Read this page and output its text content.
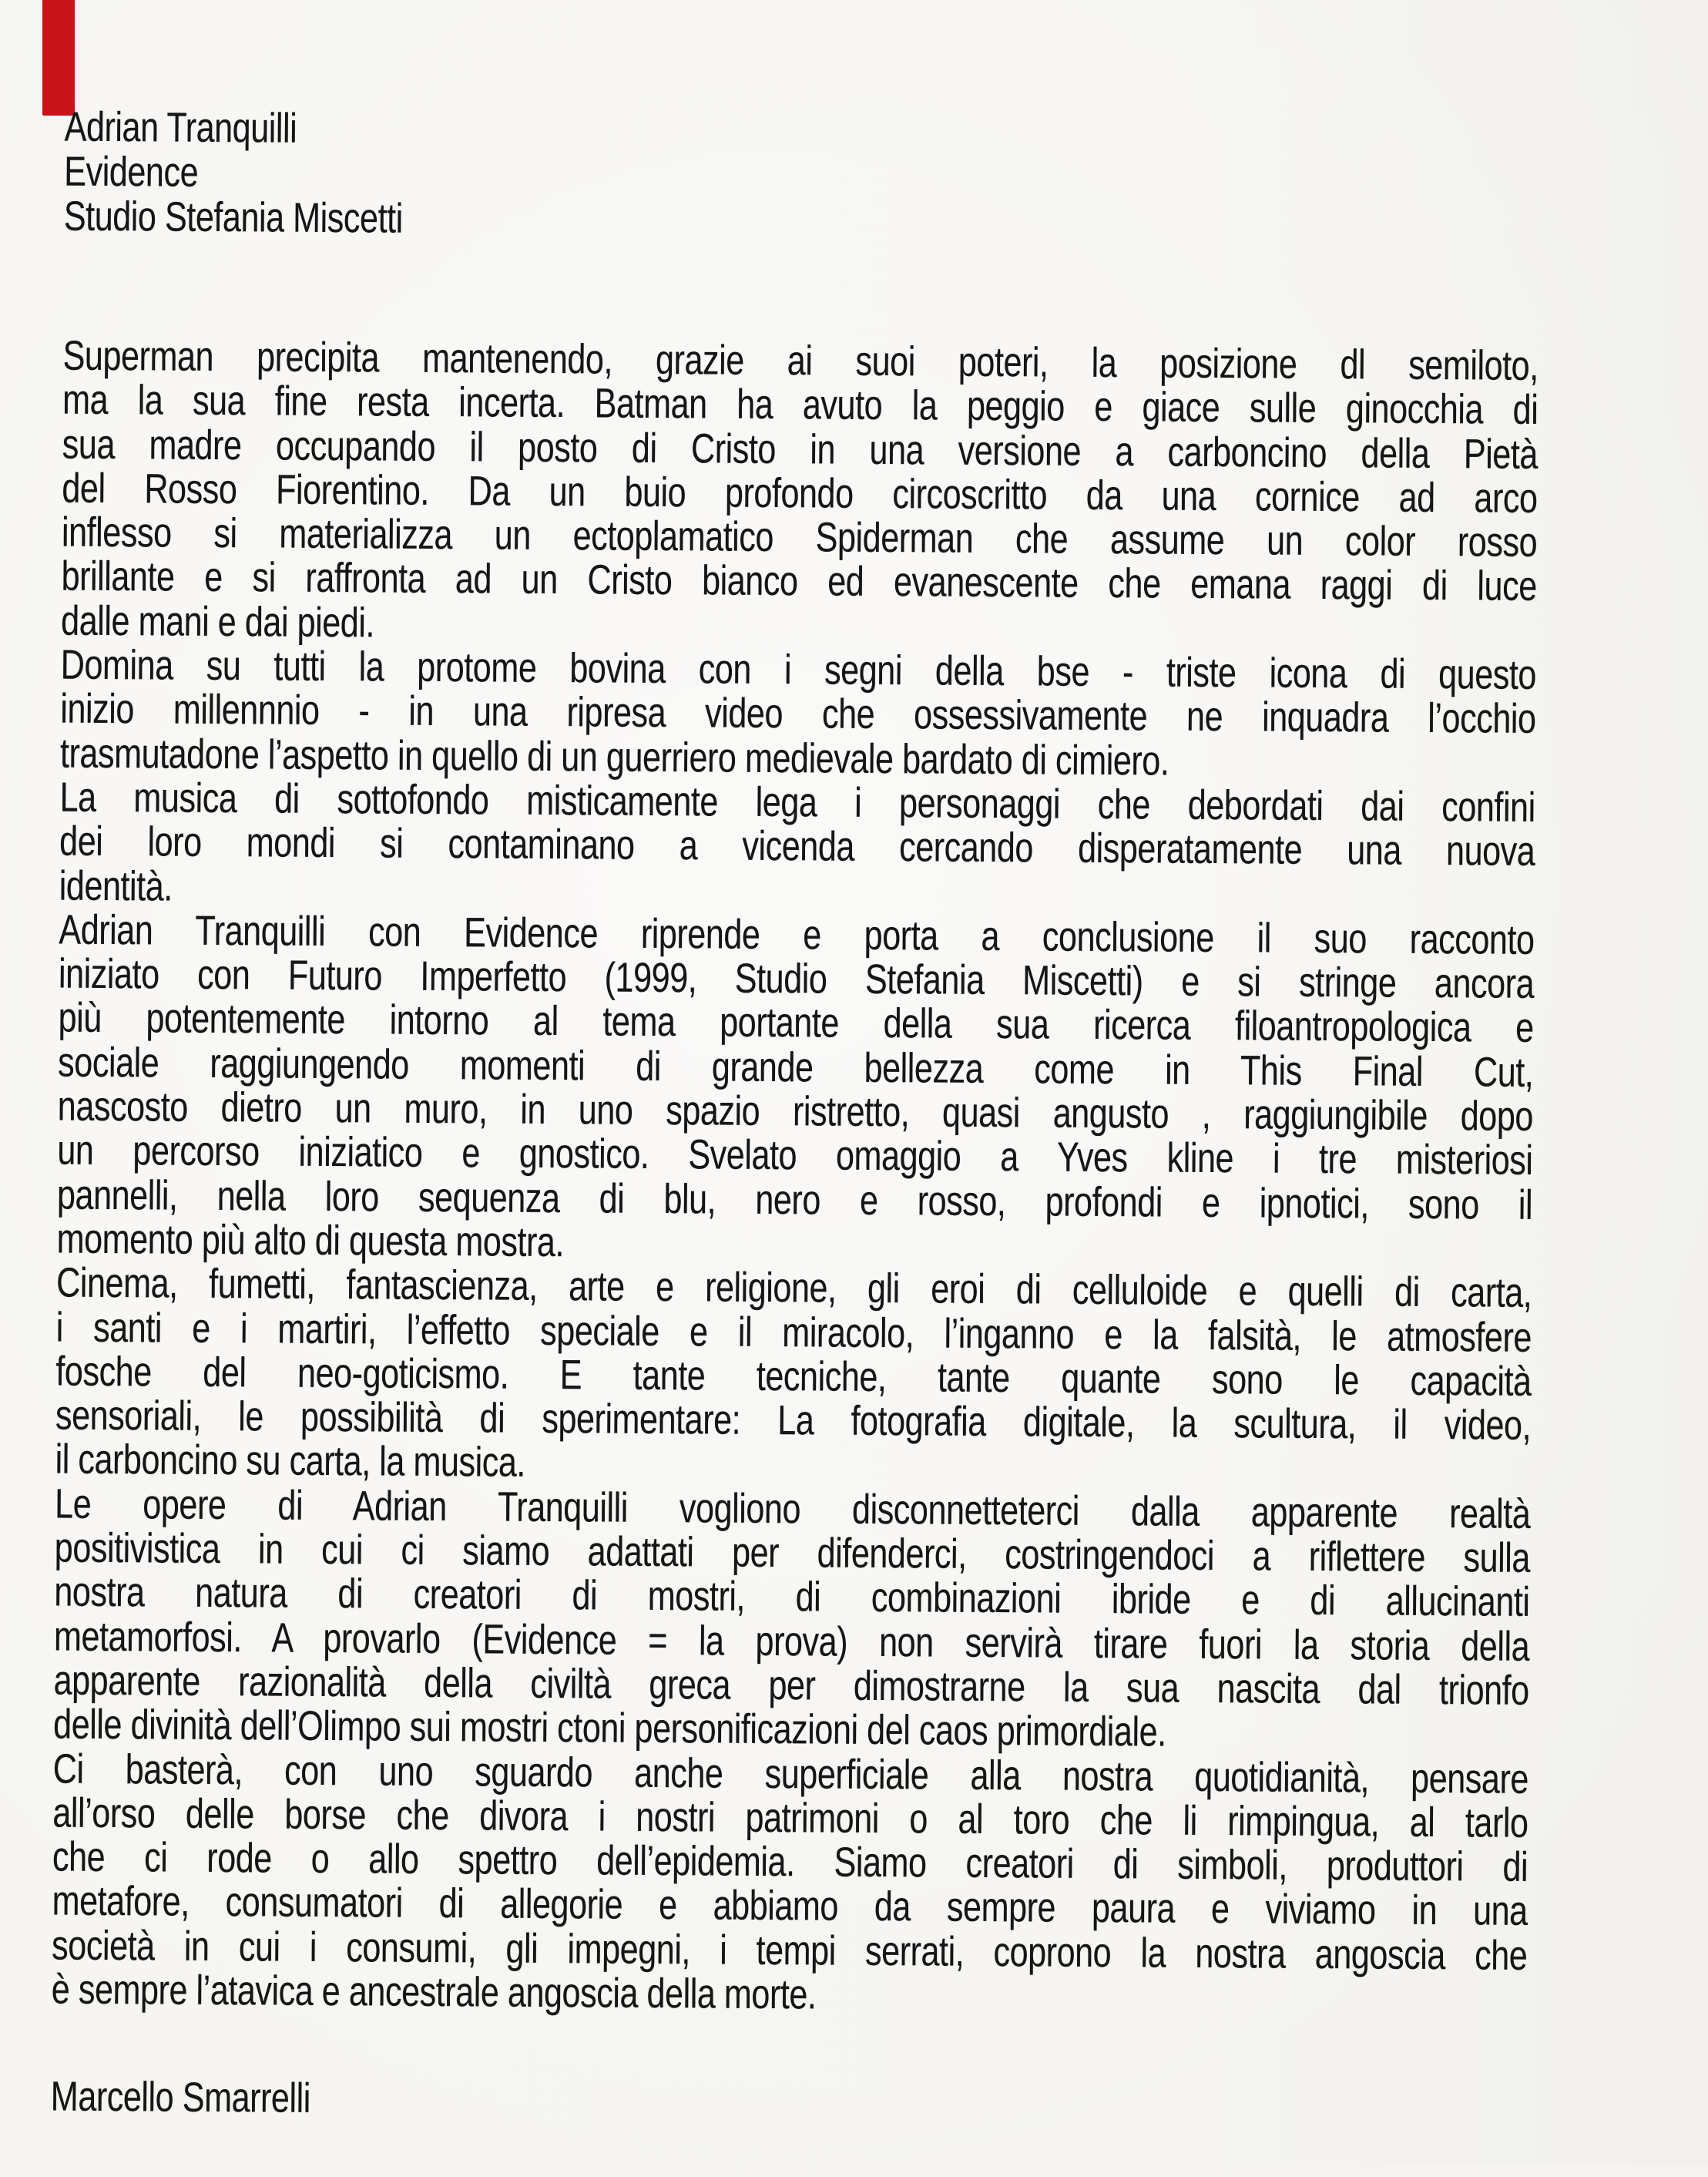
Adrian Tranquilli
Evidence
Studio Stefania Miscetti

Superman precipita mantenendo, grazie ai suoi poteri, la posizione dl semiloto,
ma la sua fine resta incerta. Batman ha avuto la peggio e giace sulle ginocchia di
sua madre occupando il posto di Cristo in una versione a carboncino della Pietà
del Rosso Fiorentino. Da un buio profondo circoscritto da una cornice ad arco
inflesso si materializza un ectoplamatico Spiderman che assume un color rosso
brillante e si raffronta ad un Cristo bianco ed evanescente che emana raggi di luce
dalle mani e dai piedi.

Domina su tutti la protome bovina con i segni della bse - triste icona di questo
inizio millennnio - in una ripresa video che ossessivamente ne inquadra l’occhio
trasmutadone l’aspetto in quello di un guerriero medievale bardato di cimiero.

La musica di sottofondo misticamente lega i personaggi che debordati dai confini
dei loro mondi si contaminano a vicenda cercando disperatamente una nuova
identità.

Adrian Tranquilli con Evidence riprende e porta a conclusione il suo racconto
iniziato con Futuro Imperfetto (1999, Studio Stefania Miscetti) e si stringe ancora
più potentemente intorno al tema portante della sua ricerca filoantropologica e
sociale raggiungendo momenti di grande bellezza come in This Final Cut,
nascosto dietro un muro, in uno spazio ristretto, quasi angusto , raggiungibile dopo
un percorso iniziatico e gnostico. Svelato omaggio a Yves kline i tre misteriosi
pannelli, nella loro sequenza di blu, nero e rosso, profondi e ipnotici, sono il
momento più alto di questa mostra.

Cinema, fumetti, fantascienza, arte e religione, gli eroi di celluloide e quelli di carta,
i santi e i martiri, l’effetto speciale e il miracolo, l’inganno e la falsità, le atmosfere
fosche del neo-goticismo. E tante tecniche, tante quante sono le capacità
sensoriali, le possibilità di sperimentare: La fotografia digitale, la scultura, il video,
il carboncino su carta, la musica.

Le opere di Adrian Tranquilli vogliono disconnetteterci dalla apparente realtà
positivistica in cui ci siamo adattati per difenderci, costringendoci a riflettere sulla
nostra natura di creatori di mostri, di combinazioni ibride e di allucinanti
metamorfosi. A provarlo (Evidence = la prova) non servirà tirare fuori la storia della
apparente razionalità della civiltà greca per dimostrarne la sua nascita dal trionfo
delle divinità dell’Olimpo sui mostri ctoni personificazioni del caos primordiale.

Ci basterà, con uno sguardo anche superficiale alla nostra quotidianità, pensare
all’orso delle borse che divora i nostri patrimoni o al toro che li rimpingua, al tarlo
che ci rode o allo spettro dell’epidemia. Siamo creatori di simboli, produttori di
metafore, consumatori di allegorie e abbiamo da sempre paura e viviamo in una
società in cui i consumi, gli impegni, i tempi serrati, coprono la nostra angoscia che
è sempre l’atavica e ancestrale angoscia della morte.

Marcello Smarrelli
